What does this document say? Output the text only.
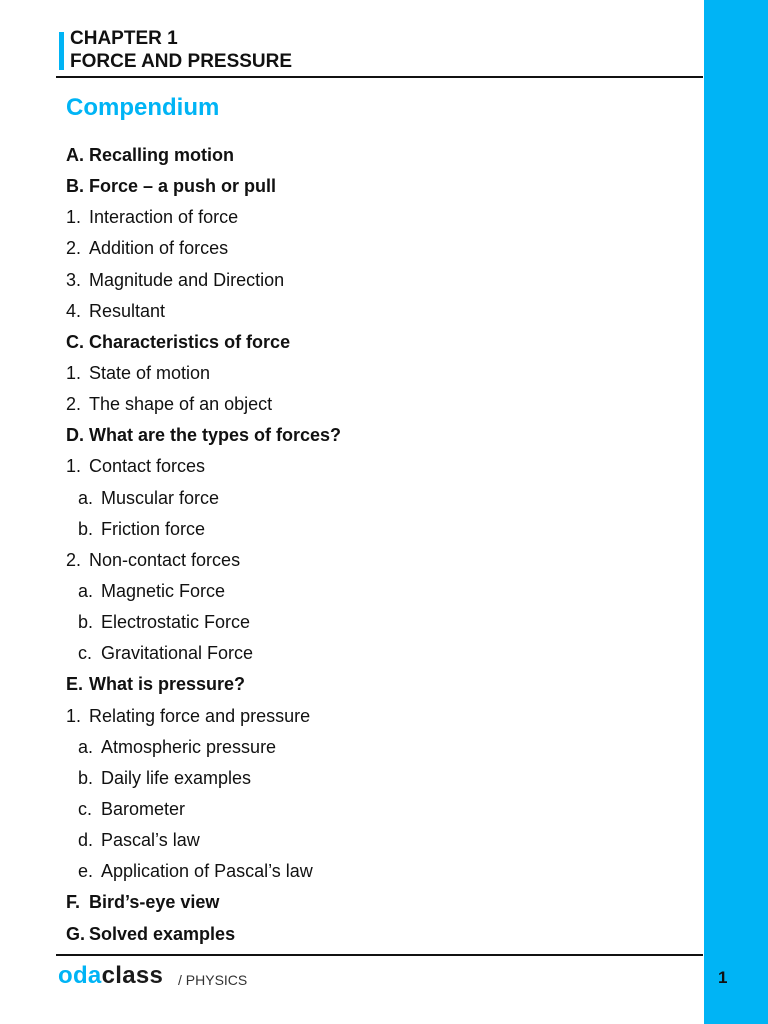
CHAPTER 1
FORCE AND PRESSURE
Compendium
A. Recalling motion
B. Force – a push or pull
1. Interaction of force
2. Addition of forces
3. Magnitude and Direction
4. Resultant
C. Characteristics of force
1. State of motion
2. The shape of an object
D. What are the types of forces?
1. Contact forces
a. Muscular force
b. Friction force
2. Non-contact forces
a. Magnetic Force
b. Electrostatic Force
c. Gravitational Force
E. What is pressure?
1. Relating force and pressure
a. Atmospheric pressure
b. Daily life examples
c. Barometer
d. Pascal’s law
e. Application of Pascal’s law
F. Bird’s-eye view
G. Solved examples
odaclass / PHYSICS	1
